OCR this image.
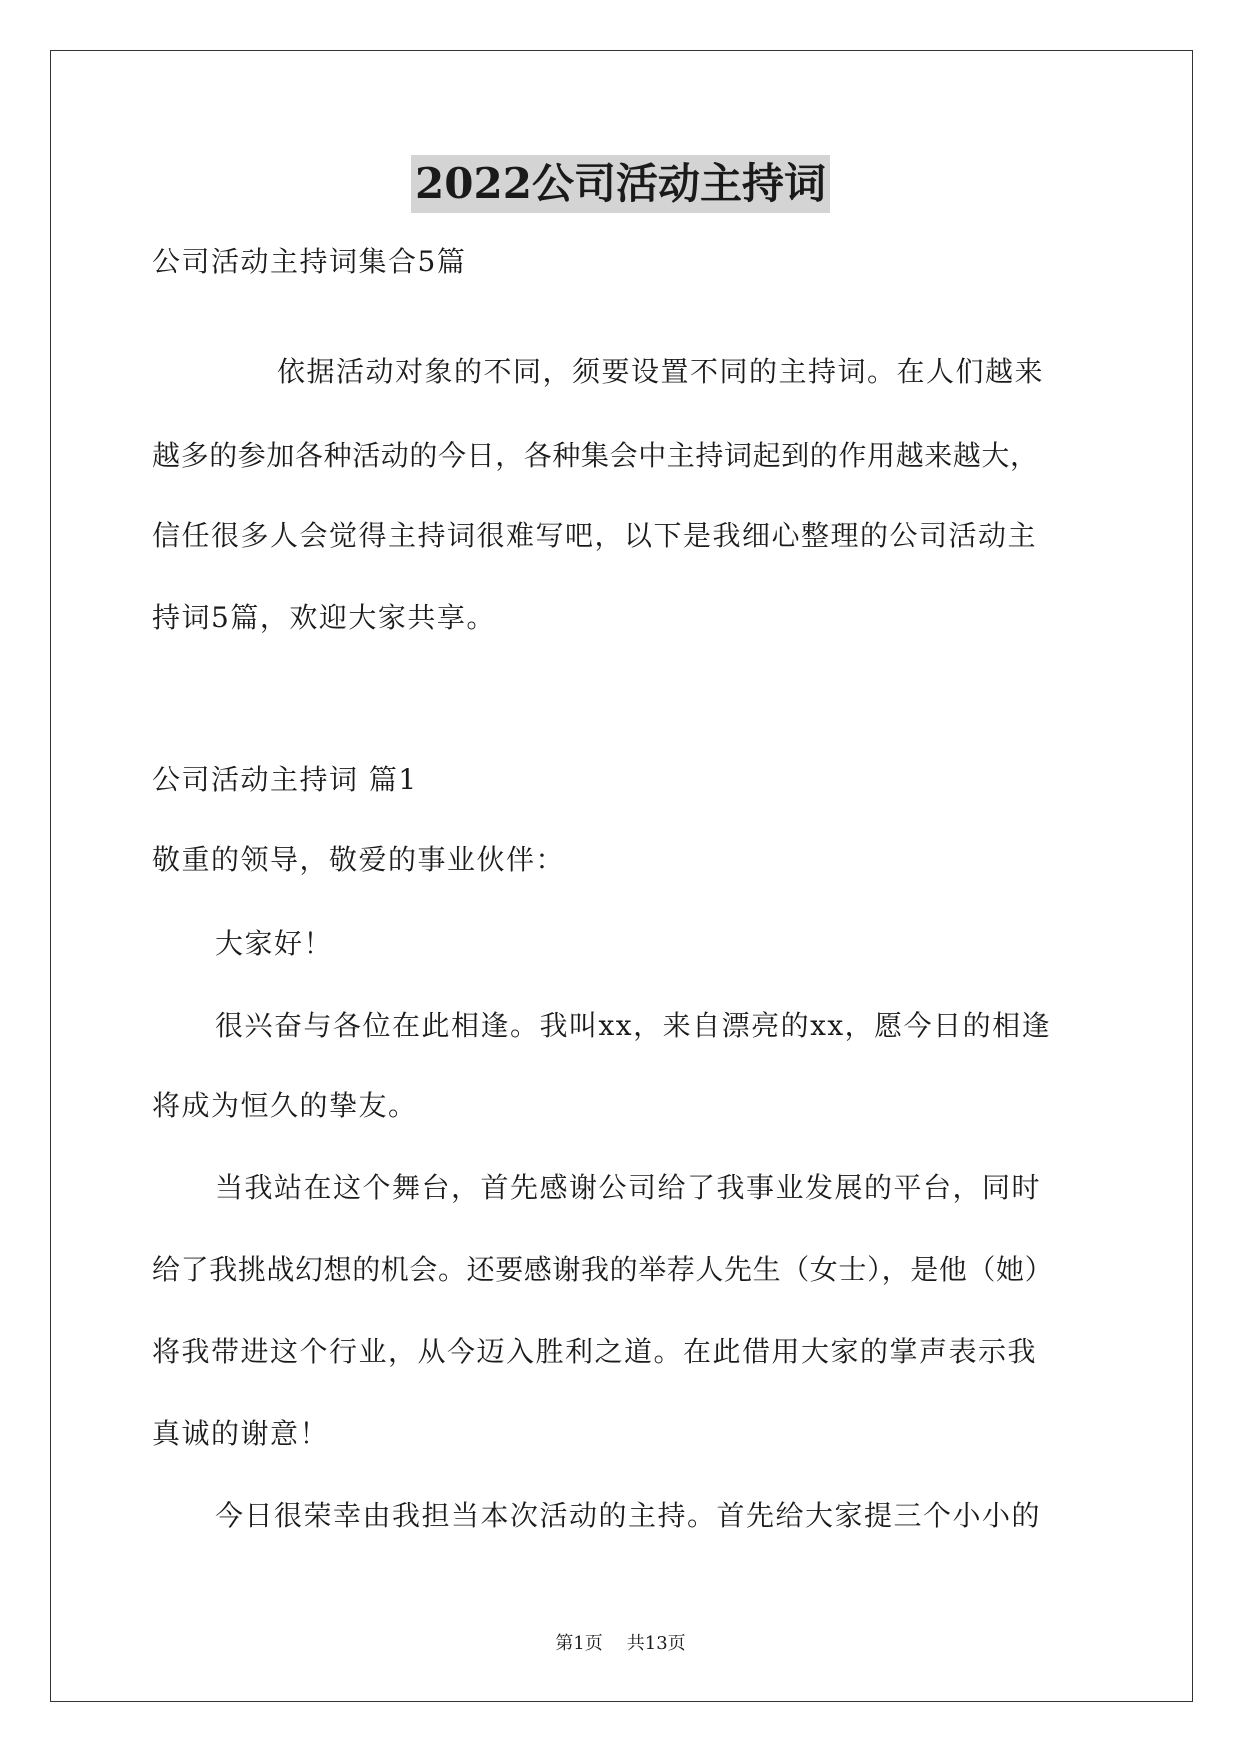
2022公司活动主持词
公司活动主持词集合5篇
依据活动对象的不同，须要设置不同的主持词。在人们越来
越多的参加各种活动的今日，各种集会中主持词起到的作用越来越大，
信任很多人会觉得主持词很难写吧，以下是我细心整理的公司活动主
持词5篇，欢迎大家共享。
公司活动主持词 篇1
敬重的领导，敬爱的事业伙伴：
大家好！
很兴奋与各位在此相逢。我叫xx，来自漂亮的xx，愿今日的相逢
将成为恒久的挚友。
当我站在这个舞台，首先感谢公司给了我事业发展的平台，同时
给了我挑战幻想的机会。还要感谢我的举荐人先生（女士），是他（她）
将我带进这个行业，从今迈入胜利之道。在此借用大家的掌声表示我
真诚的谢意！
今日很荣幸由我担当本次活动的主持。首先给大家提三个小小的
第1页 共13页
